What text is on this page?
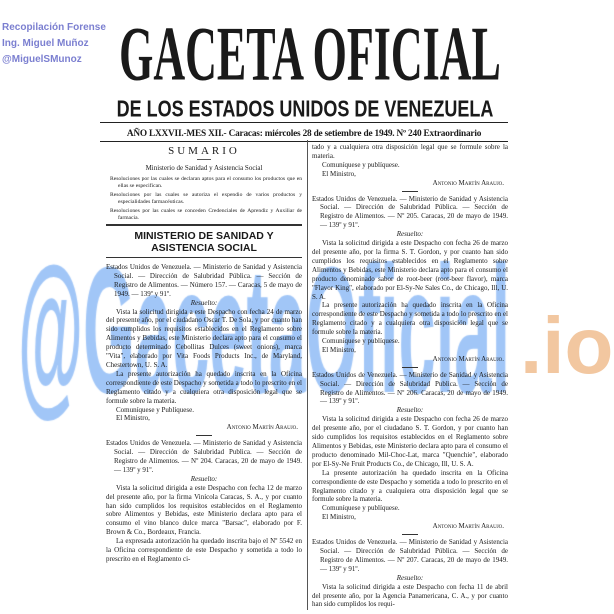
Recopilación Forense
Ing. Miguel Muñoz
@MiguelSMunoz GACETA OFICIAL
DE LOS ESTADOS UNIDOS DE VENEZUELA
AÑO LXXVII.-MES XII.- Caracas: miércoles 28 de setiembre de 1949. Nº 240 Extraordinario
SUMARIO
Ministerio de Sanidad y Asistencia Social
Resoluciones por las cuales se declaran aptos para el consumo los productos que en ellas se especifican.
Resoluciones por las cuales se autoriza el expendio de varios productos y especialidades farmacéuticas.
Resoluciones por las cuales se conceden Credenciales de Aprendiz y Auxiliar de farmacia.
MINISTERIO DE SANIDAD Y ASISTENCIA SOCIAL

Estados Unidos de Venezuela. — Ministerio de Sanidad y Asistencia Social. — Dirección de Salubridad Pública. — Sección de Registro de Alimentos. — Número 157. — Caracas, 5 de mayo de 1949. — 139º y 91º.

Resuelto:

Vista la solicitud dirigida a este Despacho con fecha 24 de marzo del presente año, por el ciudadano Oscar T. De Sola, y por cuanto han sido cumplidos los requisitos establecidos en el Reglamento sobre Alimentos y Bebidas, este Ministerio declara apto para el consumo el producto determinado Cebollitas Dulces (sweet onions), marca "Vita", elaborado por Vita Foods Products Inc., de Maryland, Chestertown, U. S. A.

La presente autorización ha quedado inscrita en la Oficina correspondiente de este Despacho y sometida a todo lo prescrito en el Reglamento citado y a cualquiera otra disposición legal que se formule sobre la materia.

Comuníquese y Publíquese.

El Ministro,
Antonio Martín Araujo.

Estados Unidos de Venezuela. — Ministerio de Sanidad y Asistencia Social. — Dirección de Salubridad Publica. — Sección de Registro de Alimentos. — Nº 204. Caracas, 20 de mayo de 1949. — 139º y 91º.

Resuelto:

Vista la solicitud dirigida a este Despacho con fecha 12 de marzo del presente año, por la firma Vinícola Caracas, S. A., y por cuanto han sido cumplidos los requisitos establecidos en el Reglamento sobre Alimentos y Bebidas, este Ministerio declara apto para el consumo el vino blanco dulce marca "Barsac", elaborado por F. Brown & Co., Bordeaux, Francia.

La expresada autorización ha quedado inscrita bajo el Nº 5542 en la Oficina correspondiente de este Despacho y sometida a todo lo prescrito en el Reglamento ci-

tado y a cualquiera otra disposición legal que se formule sobre la materia.

Comuníquese y publíquese.

El Ministro,
Antonio Martín Araujo.

Estados Unidos de Venezuela. — Ministerio de Sanidad y Asistencia Social. — Dirección de Salubridad Pública. — Sección de Registro de Alimentos. — Nº 205. Caracas, 20 de mayo de 1949. — 139º y 91º.

Resuelto:

Vista la solicitud dirigida a este Despacho con fecha 26 de marzo del presente año, por la firma S. T. Gordon, y por cuanto han sido cumplidos los requisitos establecidos en el Reglamento sobre Alimentos y Bebidas, este Ministerio declara apto para el consumo el producto denominado sabor de root-beer (root-beer flavor), marca "Flavor King", elaborado por El-Sy-Ne Sales Co., de Chicago, Ill, U. S. A.

La presente autorización ha quedado inscrita en la Oficina correspondiente de este Despacho y sometida a todo lo prescrito en el Reglamento citado y a cualquiera otra disposición legal que se formule sobre la materia.

Comuníquese y publíquese.

El Ministro,
Antonio Martín Araujo.

Estados Unidos de Venezuela. — Ministerio de Sanidad y Asistencia Social. — Dirección de Salubridad Publica. — Sección de Registro de Alimentos. — Nº 206. Caracas, 20 de mayo de 1949. — 139º y 91º.

Resuelto:

Vista la solicitud dirigida a este Despacho con fecha 26 de marzo del presente año, por el ciudadano S. T. Gordon, y por cuanto han sido cumplidos los requisitos establecidos en el Reglamento sobre Alimentos y Bebidas, este Ministerio declara apto para el consumo el producto denominado Mil-Choc-Lat, marca "Quenchie", elaborado por El-Sy-Ne Fruit Products Co., de Chicago, Ill, U. S. A.

La presente autorización ha quedado inscrita en la Oficina correspondiente de este Despacho y sometida a todo lo prescrito en el Reglamento citado y a cualquiera otra disposición legal que se formule sobre la materia.

Comuníquese y publíquese.

El Ministro,
Antonio Martín Araujo.

Estados Unidos de Venezuela. — Ministerio de Sanidad y Asistencia Social. — Dirección de Salubridad Pública. — Sección de Registro de Alimentos. — Nº 207. Caracas, 20 de mayo de 1949. — 139º y 91º.

Resuelto:

Vista la solicitud dirigida a este Despacho con fecha 11 de abril del presente año, por la Agencia Panamericana, C. A., y por cuanto han sido cumplidos los requi-

.io
